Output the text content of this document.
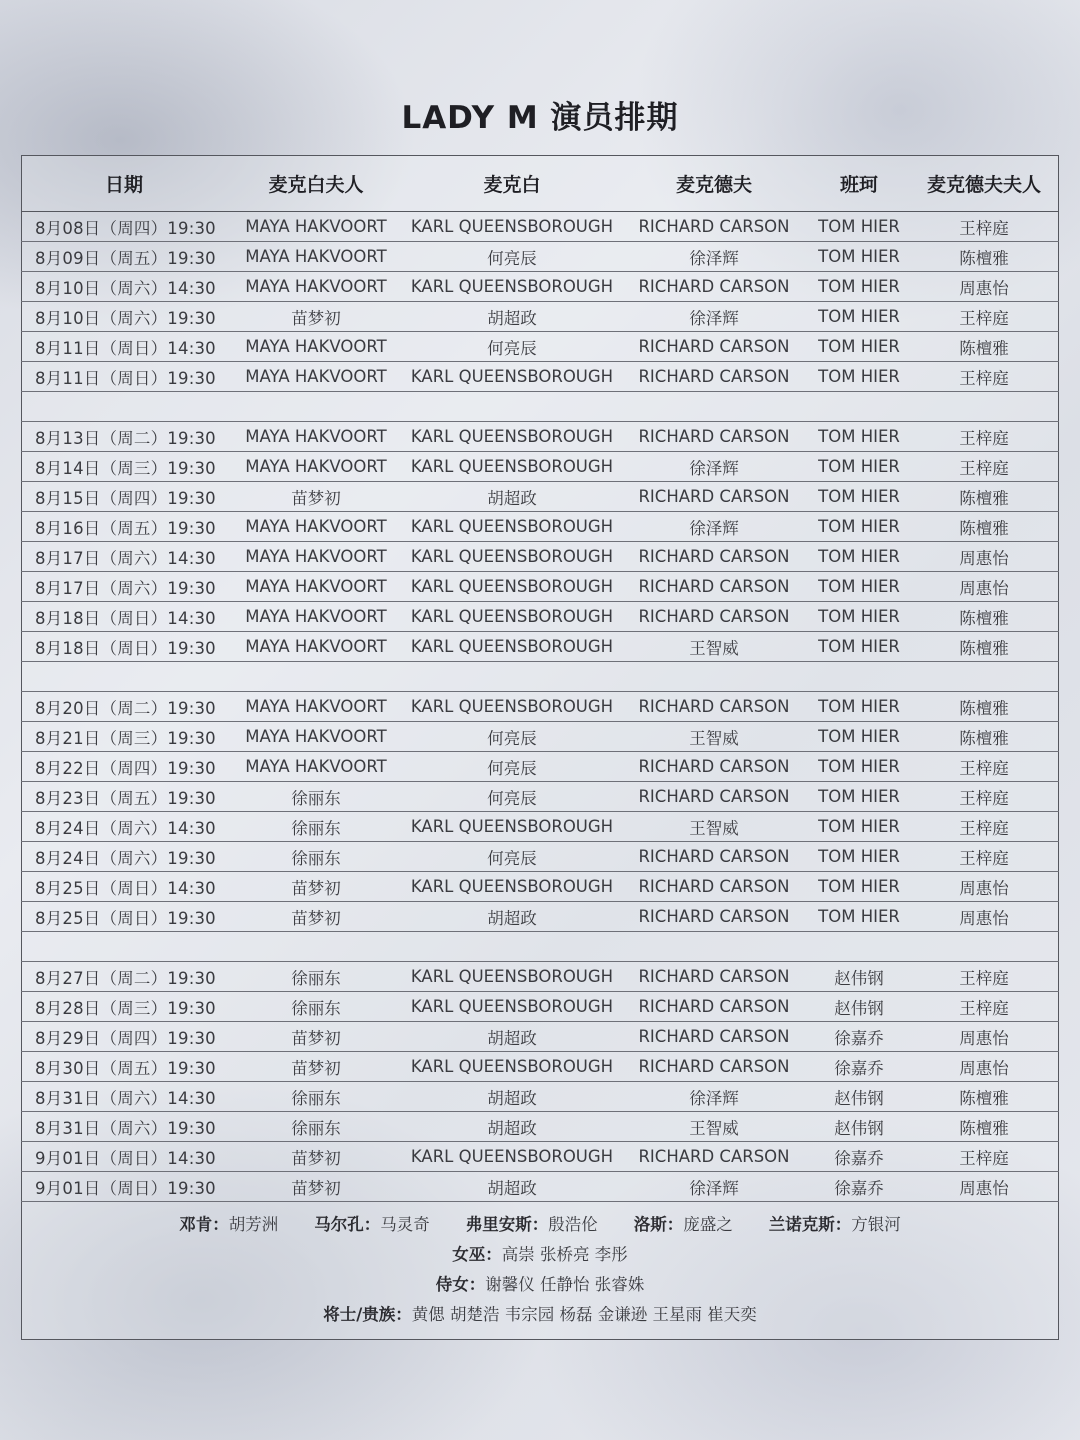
LADY M 演员排期
日期	麦克白夫人	麦克白	麦克德夫	班珂	麦克德夫夫人
8月08日（周四）19:30	MAYA HAKVOORT	KARL QUEENSBOROUGH	RICHARD CARSON	TOM HIER	王梓庭
8月09日（周五）19:30	MAYA HAKVOORT	何亮辰	徐泽辉	TOM HIER	陈檀雅
8月10日（周六）14:30	MAYA HAKVOORT	KARL QUEENSBOROUGH	RICHARD CARSON	TOM HIER	周惠怡
8月10日（周六）19:30	苗梦初	胡超政	徐泽辉	TOM HIER	王梓庭
8月11日（周日）14:30	MAYA HAKVOORT	何亮辰	RICHARD CARSON	TOM HIER	陈檀雅
8月11日（周日）19:30	MAYA HAKVOORT	KARL QUEENSBOROUGH	RICHARD CARSON	TOM HIER	王梓庭

8月13日（周二）19:30	MAYA HAKVOORT	KARL QUEENSBOROUGH	RICHARD CARSON	TOM HIER	王梓庭
8月14日（周三）19:30	MAYA HAKVOORT	KARL QUEENSBOROUGH	徐泽辉	TOM HIER	王梓庭
8月15日（周四）19:30	苗梦初	胡超政	RICHARD CARSON	TOM HIER	陈檀雅
8月16日（周五）19:30	MAYA HAKVOORT	KARL QUEENSBOROUGH	徐泽辉	TOM HIER	陈檀雅
8月17日（周六）14:30	MAYA HAKVOORT	KARL QUEENSBOROUGH	RICHARD CARSON	TOM HIER	周惠怡
8月17日（周六）19:30	MAYA HAKVOORT	KARL QUEENSBOROUGH	RICHARD CARSON	TOM HIER	周惠怡
8月18日（周日）14:30	MAYA HAKVOORT	KARL QUEENSBOROUGH	RICHARD CARSON	TOM HIER	陈檀雅
8月18日（周日）19:30	MAYA HAKVOORT	KARL QUEENSBOROUGH	王智威	TOM HIER	陈檀雅

8月20日（周二）19:30	MAYA HAKVOORT	KARL QUEENSBOROUGH	RICHARD CARSON	TOM HIER	陈檀雅
8月21日（周三）19:30	MAYA HAKVOORT	何亮辰	王智威	TOM HIER	陈檀雅
8月22日（周四）19:30	MAYA HAKVOORT	何亮辰	RICHARD CARSON	TOM HIER	王梓庭
8月23日（周五）19:30	徐丽东	何亮辰	RICHARD CARSON	TOM HIER	王梓庭
8月24日（周六）14:30	徐丽东	KARL QUEENSBOROUGH	王智威	TOM HIER	王梓庭
8月24日（周六）19:30	徐丽东	何亮辰	RICHARD CARSON	TOM HIER	王梓庭
8月25日（周日）14:30	苗梦初	KARL QUEENSBOROUGH	RICHARD CARSON	TOM HIER	周惠怡
8月25日（周日）19:30	苗梦初	胡超政	RICHARD CARSON	TOM HIER	周惠怡

8月27日（周二）19:30	徐丽东	KARL QUEENSBOROUGH	RICHARD CARSON	赵伟钢	王梓庭
8月28日（周三）19:30	徐丽东	KARL QUEENSBOROUGH	RICHARD CARSON	赵伟钢	王梓庭
8月29日（周四）19:30	苗梦初	胡超政	RICHARD CARSON	徐嘉乔	周惠怡
8月30日（周五）19:30	苗梦初	KARL QUEENSBOROUGH	RICHARD CARSON	徐嘉乔	周惠怡
8月31日（周六）14:30	徐丽东	胡超政	徐泽辉	赵伟钢	陈檀雅
8月31日（周六）19:30	徐丽东	胡超政	王智威	赵伟钢	陈檀雅
9月01日（周日）14:30	苗梦初	KARL QUEENSBOROUGH	RICHARD CARSON	徐嘉乔	王梓庭
9月01日（周日）19:30	苗梦初	胡超政	徐泽辉	徐嘉乔	周惠怡
邓肯：胡芳洲 马尔孔：马灵奇 弗里安斯：殷浩伦 洛斯：庞盛之 兰诺克斯：方银河
女巫：高崇 张桥亮 李彤
侍女：谢馨仪 任静怡 张睿姝
将士/贵族：黄偲 胡楚浩 韦宗园 杨磊 金谦逊 王星雨 崔天奕
